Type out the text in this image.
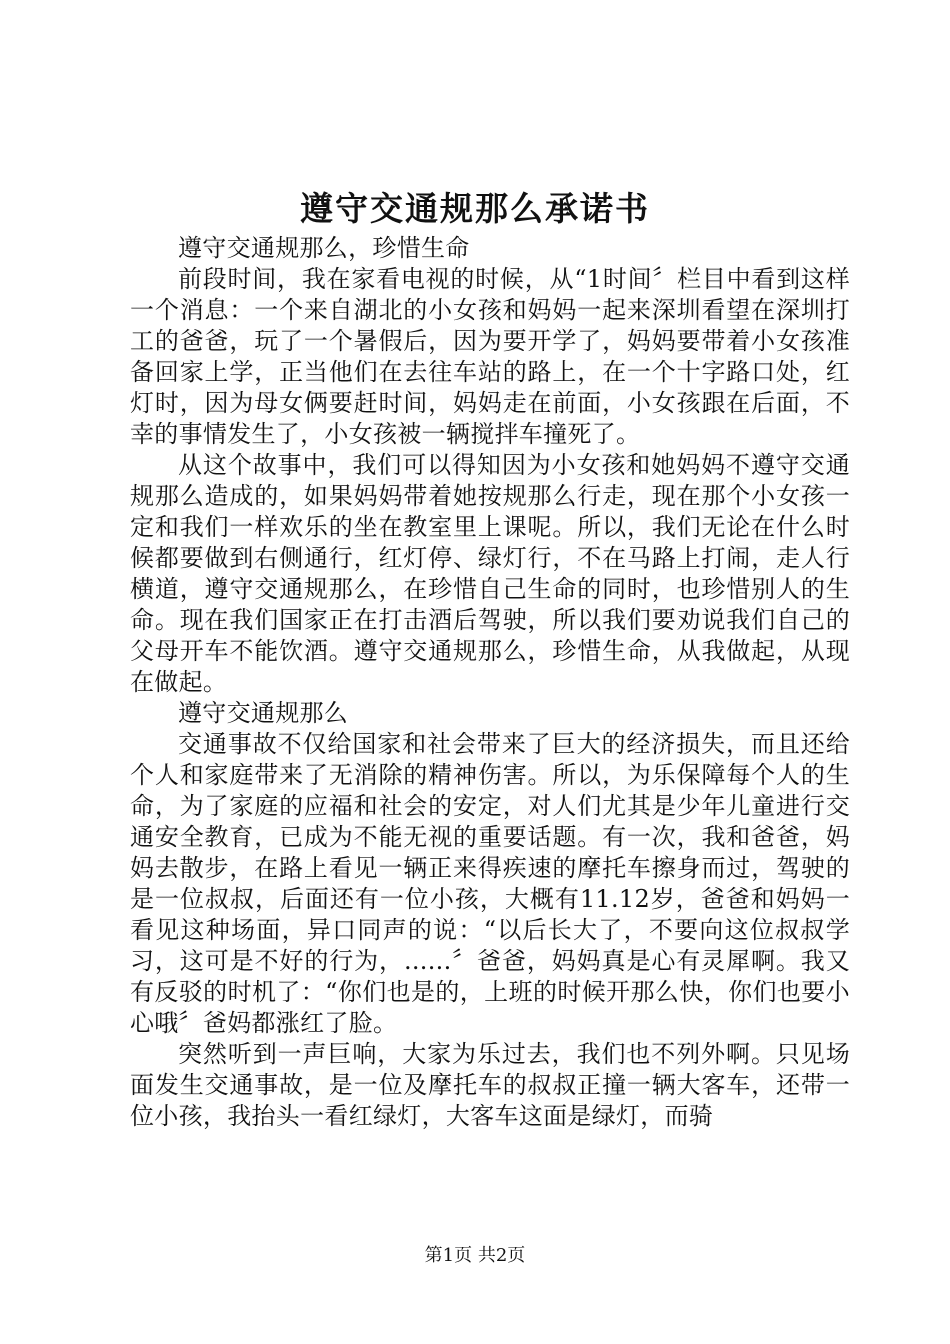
遵守交通规那么承诺书

遵守交通规那么，珍惜生命

前段时间，我在家看电视的时候，从“1时间〞栏目中看到这样一个消息：一个来自湖北的小女孩和妈妈一起来深圳看望在深圳打工的爸爸，玩了一个暑假后，因为要开学了，妈妈要带着小女孩准备回家上学，正当他们在去往车站的路上，在一个十字路口处，红灯时，因为母女俩要赶时间，妈妈走在前面，小女孩跟在后面，不幸的事情发生了，小女孩被一辆搅拌车撞死了。

从这个故事中，我们可以得知因为小女孩和她妈妈不遵守交通规那么造成的，如果妈妈带着她按规那么行走，现在那个小女孩一定和我们一样欢乐的坐在教室里上课呢。所以，我们无论在什么时候都要做到右侧通行，红灯停、绿灯行，不在马路上打闹，走人行横道，遵守交通规那么，在珍惜自己生命的同时，也珍惜别人的生命。现在我们国家正在打击酒后驾驶，所以我们要劝说我们自己的父母开车不能饮酒。遵守交通规那么，珍惜生命，从我做起，从现在做起。

遵守交通规那么

交通事故不仅给国家和社会带来了巨大的经济损失，而且还给个人和家庭带来了无消除的精神伤害。所以，为乐保障每个人的生命，为了家庭的应福和社会的安定，对人们尤其是少年儿童进行交通安全教育，已成为不能无视的重要话题。有一次，我和爸爸，妈妈去散步，在路上看见一辆正来得疾速的摩托车擦身而过，驾驶的是一位叔叔，后面还有一位小孩，大概有11.12岁，爸爸和妈妈一看见这种场面，异口同声的说：“以后长大了，不要向这位叔叔学习，这可是不好的行为，......〞爸爸，妈妈真是心有灵犀啊。我又有反驳的时机了：“你们也是的，上班的时候开那么快，你们也要小心哦〞爸妈都涨红了脸。

突然听到一声巨响，大家为乐过去，我们也不列外啊。只见场面发生交通事故，是一位及摩托车的叔叔正撞一辆大客车，还带一位小孩，我抬头一看红绿灯，大客车这面是绿灯，而骑

第1页 共2页
